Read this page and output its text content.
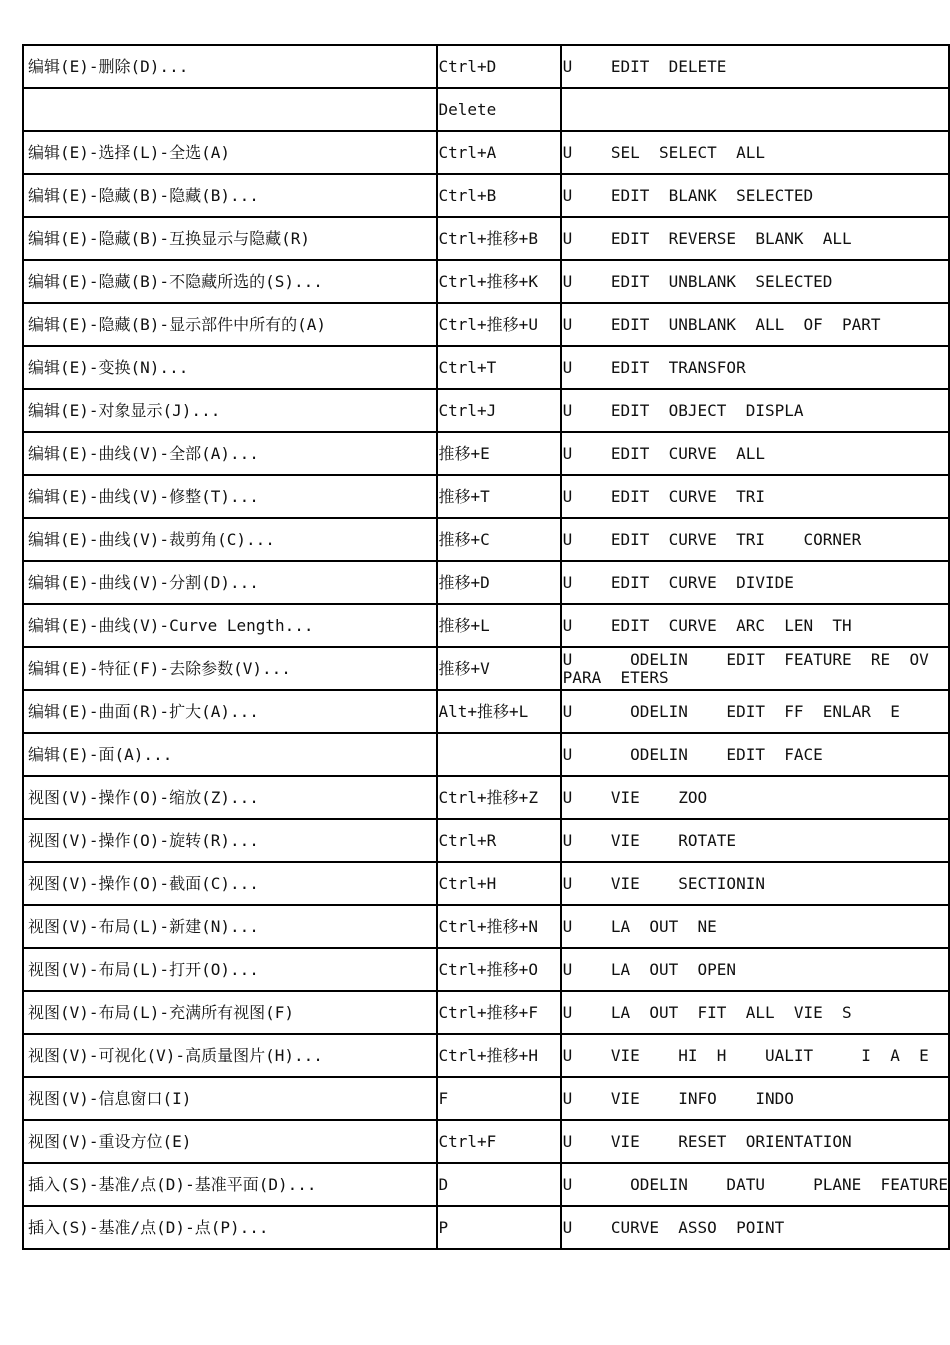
编辑(E)-删除(D)...	Ctrl+D	U    EDIT  DELETE

	Delete	

编辑(E)-选择(L)-全选(A)	Ctrl+A	U    SEL  SELECT  ALL

编辑(E)-隐藏(B)-隐藏(B)...	Ctrl+B	U    EDIT  BLANK  SELECTED

编辑(E)-隐藏(B)-互换显示与隐藏(R)	Ctrl+推移+B	U    EDIT  REVERSE  BLANK  ALL

编辑(E)-隐藏(B)-不隐藏所选的(S)...	Ctrl+推移+K	U    EDIT  UNBLANK  SELECTED

编辑(E)-隐藏(B)-显示部件中所有的(A)	Ctrl+推移+U	U    EDIT  UNBLANK  ALL  OF  PART

编辑(E)-变换(N)...	Ctrl+T	U    EDIT  TRANSFOR

编辑(E)-对象显示(J)...	Ctrl+J	U    EDIT  OBJECT  DISPLA

编辑(E)-曲线(V)-全部(A)...	推移+E	U    EDIT  CURVE  ALL

编辑(E)-曲线(V)-修整(T)...	推移+T	U    EDIT  CURVE  TRI

编辑(E)-曲线(V)-裁剪角(C)...	推移+C	U    EDIT  CURVE  TRI    CORNER

编辑(E)-曲线(V)-分割(D)...	推移+D	U    EDIT  CURVE  DIVIDE

编辑(E)-曲线(V)-Curve Length...	推移+L	U    EDIT  CURVE  ARC  LEN  TH

编辑(E)-特征(F)-去除参数(V)...	推移+V	U      ODELIN    EDIT  FEATURE  RE  OV
PARA  ETERS

编辑(E)-曲面(R)-扩大(A)...	Alt+推移+L	U      ODELIN    EDIT  FF  ENLAR  E

编辑(E)-面(A)...		U      ODELIN    EDIT  FACE

视图(V)-操作(O)-缩放(Z)...	Ctrl+推移+Z	U    VIE    ZOO

视图(V)-操作(O)-旋转(R)...	Ctrl+R	U    VIE    ROTATE

视图(V)-操作(O)-截面(C)...	Ctrl+H	U    VIE    SECTIONIN

视图(V)-布局(L)-新建(N)...	Ctrl+推移+N	U    LA  OUT  NE

视图(V)-布局(L)-打开(O)...	Ctrl+推移+O	U    LA  OUT  OPEN

视图(V)-布局(L)-充满所有视图(F)	Ctrl+推移+F	U    LA  OUT  FIT  ALL  VIE  S

视图(V)-可视化(V)-高质量图片(H)...	Ctrl+推移+H	U    VIE    HI  H    UALIT     I  A  E

视图(V)-信息窗口(I)	F	U    VIE    INFO    INDO

视图(V)-重设方位(E)	Ctrl+F	U    VIE    RESET  ORIENTATION

插入(S)-基准/点(D)-基准平面(D)...	D	U      ODELIN    DATU     PLANE  FEATURE

插入(S)-基准/点(D)-点(P)...	P	U    CURVE  ASSO  POINT
